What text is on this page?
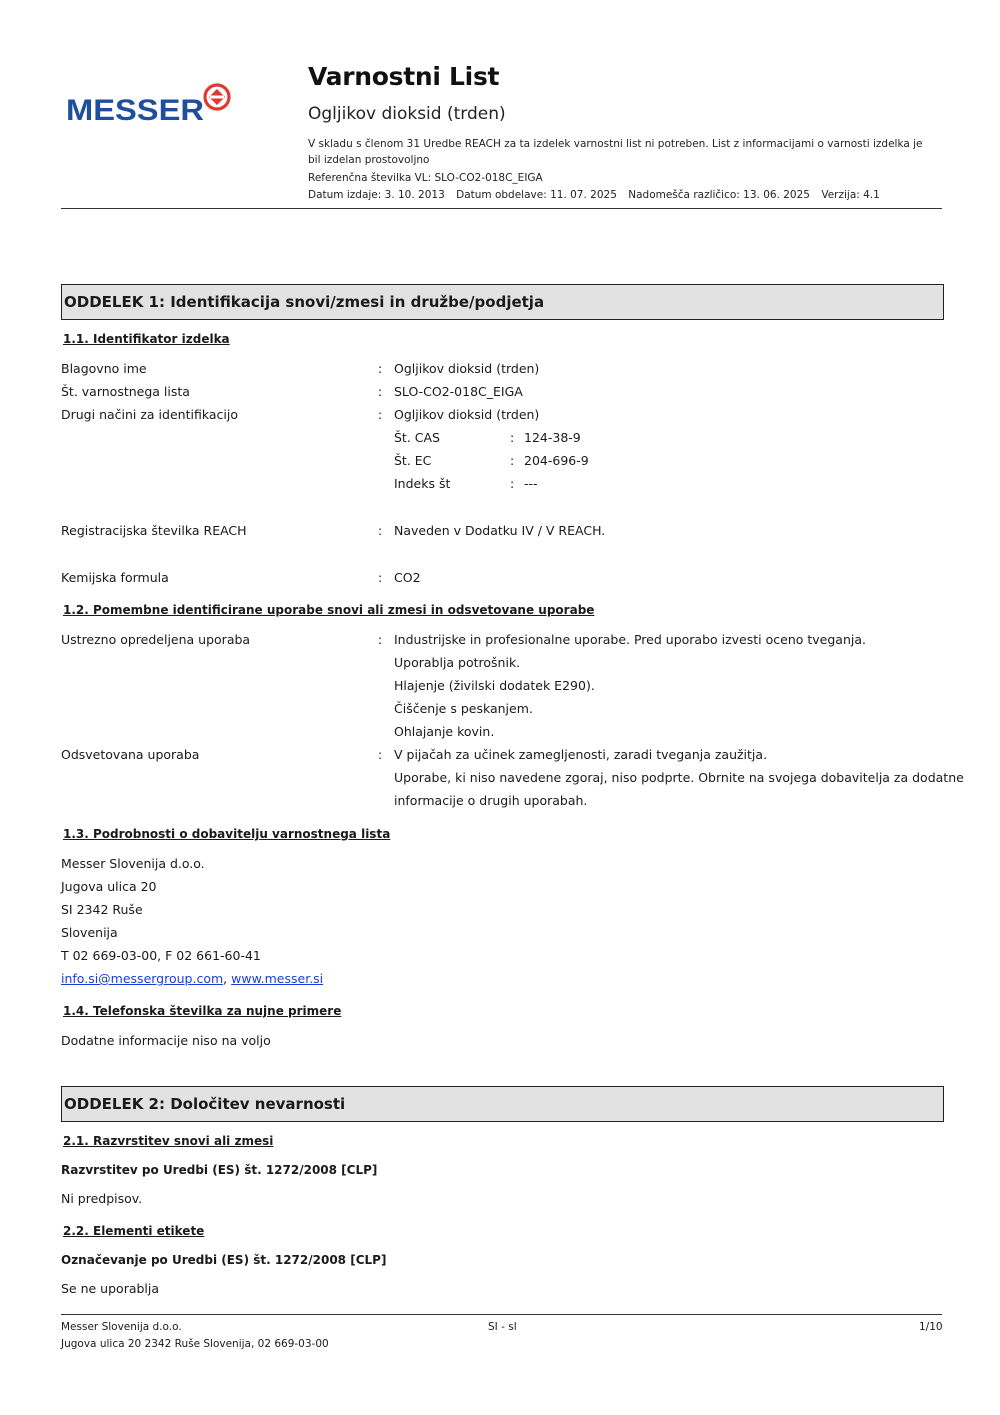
MESSER
Varnostni List
Ogljikov dioksid (trden)
V skladu s členom 31 Uredbe REACH za ta izdelek varnostni list ni potreben. List z informacijami o varnosti izdelka je bil izdelan prostovoljno
Referenčna številka VL: SLO-CO2-018C_EIGA
Datum izdaje: 3. 10. 2013 Datum obdelave: 11. 07. 2025 Nadomešča različico: 13. 06. 2025 Verzija: 4.1
ODDELEK 1: Identifikacija snovi/zmesi in družbe/podjetja
1.1. Identifikator izdelka
Blagovno ime	: Ogljikov dioksid (trden)
Št. varnostnega lista	: SLO-CO2-018C_EIGA
Drugi načini za identifikacijo	: Ogljikov dioksid (trden)
Št. CAS	: 124-38-9
Št. EC	: 204-696-9
Indeks št	: ---
Registracijska številka REACH	: Naveden v Dodatku IV / V REACH.
Kemijska formula	: CO2
1.2. Pomembne identificirane uporabe snovi ali zmesi in odsvetovane uporabe
Ustrezno opredeljena uporaba	: Industrijske in profesionalne uporabe. Pred uporabo izvesti oceno tveganja.
Uporablja potrošnik.
Hlajenje (živilski dodatek E290).
Čiščenje s peskanjem.
Ohlajanje kovin.
Odsvetovana uporaba	: V pijačah za učinek zamegljenosti, zaradi tveganja zaužitja.
Uporabe, ki niso navedene zgoraj, niso podprte. Obrnite na svojega dobavitelja za dodatne
informacije o drugih uporabah.
1.3. Podrobnosti o dobavitelju varnostnega lista
Messer Slovenija d.o.o.
Jugova ulica 20
SI 2342 Ruše
Slovenija
T 02 669-03-00, F 02 661-60-41
info.si@messergroup.com, www.messer.si
1.4. Telefonska številka za nujne primere
Dodatne informacije niso na voljo
ODDELEK 2: Določitev nevarnosti
2.1. Razvrstitev snovi ali zmesi
Razvrstitev po Uredbi (ES) št. 1272/2008 [CLP]
Ni predpisov.
2.2. Elementi etikete
Označevanje po Uredbi (ES) št. 1272/2008 [CLP]
Se ne uporablja
Messer Slovenija d.o.o.
Jugova ulica 20 2342 Ruše Slovenija, 02 669-03-00
SI - sl	1/10
